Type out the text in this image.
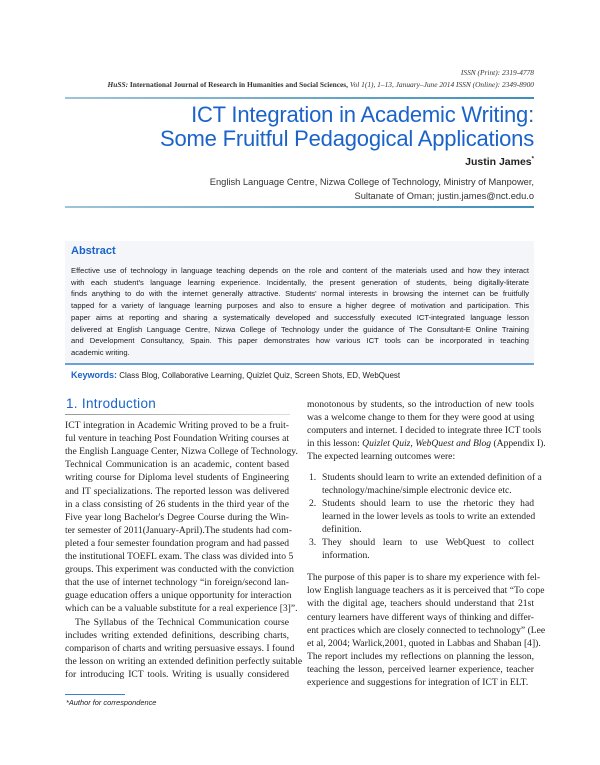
ISSN (Print): 2319-4778
HuSS: International Journal of Research in Humanities and Social Sciences, Vol 1(1), 1–13, January–June 2014 ISSN (Online): 2349-8900
ICT Integration in Academic Writing:
Some Fruitful Pedagogical Applications
Justin James*
English Language Centre, Nizwa College of Technology, Ministry of Manpower,
Sultanate of Oman; justin.james@nct.edu.o
Abstract
Keywords: Class Blog, Collaborative Learning, Quizlet Quiz, Screen Shots, ED, WebQuest
1. Introduction
*Author for correspondence
Effective use of technology in language teaching depends on the role and content of the materials used and how they interact
with each student's language learning experience. Incidentally, the present generation of students, being digitally-literate
finds anything to do with the internet generally attractive. Students' normal interests in browsing the internet can be fruitfully
tapped for a variety of language learning purposes and also to ensure a higher degree of motivation and participation. This
paper aims at reporting and sharing a systematically developed and successfully executed ICT-integrated language lesson
delivered at English Language Centre, Nizwa College of Technology under the guidance of The Consultant-E Online Training
and Development Consultancy, Spain. This paper demonstrates how various ICT tools can be incorporated in teaching
academic writing.
ICT integration in Academic Writing proved to be a fruit-
ful venture in teaching Post Foundation Writing courses at
the English Language Center, Nizwa College of Technology.
Technical Communication is an academic, content based
writing course for Diploma level students of Engineering
and IT specializations. The reported lesson was delivered
in a class consisting of 26 students in the third year of the
Five year long Bachelor's Degree Course during the Win-
ter semester of 2011(January-April).The students had com-
pleted a four semester foundation program and had passed
the institutional TOEFL exam. The class was divided into 5
groups. This experiment was conducted with the conviction
that the use of internet technology “in foreign/second lan-
guage education offers a unique opportunity for interaction
which can be a valuable substitute for a real experience [3]”.
The Syllabus of the Technical Communication course
includes writing extended definitions, describing charts,
comparison of charts and writing persuasive essays. I found
the lesson on writing an extended definition perfectly suitable
for introducing ICT tools. Writing is usually considered
monotonous by students, so the introduction of new tools
was a welcome change to them for they were good at using
computers and internet. I decided to integrate three ICT tools
in this lesson: Quizlet Quiz, WebQuest and Blog (Appendix I).
The expected learning outcomes were:
1. Students should learn to write an extended definition of a
technology/machine/simple electronic device etc.
2. Students should learn to use the rhetoric they had
learned in the lower levels as tools to write an extended
definition.
3. They should learn to use WebQuest to collect
information.
The purpose of this paper is to share my experience with fel-
low English language teachers as it is perceived that “To cope
with the digital age, teachers should understand that 21st
century learners have different ways of thinking and differ-
ent practices which are closely connected to technology” (Lee
et al, 2004; Warlick,2001, quoted in Labbas and Shaban [4]).
The report includes my reflections on planning the lesson,
teaching the lesson, perceived learner experience, teacher
experience and suggestions for integration of ICT in ELT.
